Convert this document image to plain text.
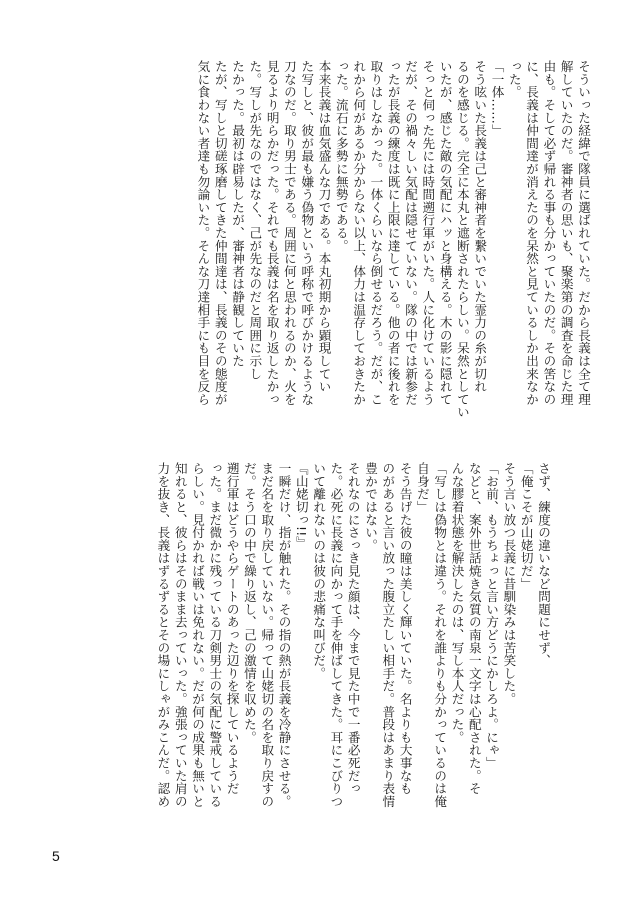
そういった経緯で隊員に選ばれていた。だから長義は全て理

解していたのだ。審神者の思いも、聚楽第の調査を命じた理

由も。そして必ず帰れる事も分かっていたのだ。その筈なの

に、長義は仲間達が消えたのを呆然と見ているしか出来なか

った。

「一体……」

そう呟いた長義は己と審神者を繋いでいた霊力の糸が切れ

るのを感じる。完全に本丸と遮断されたらしい。呆然としてい

いたが、感じた敵の気配にハッと身構える。木の影に隠れて

そっと伺った先には時間遡行軍がいた。人に化けているよう

だが、その禍々しい気配は隠せていない。隊の中では新参だ

ったが長義の練度は既に上限に達している。他の者に後れを

取りはしなかった。一体くらいなら倒せるだろう。だが、こ

れから何があるか分からない以上、体力は温存しておきたか

った。流石に多勢に無勢である。

本来長義は血気盛んな刀である。本丸初期から顕現してい

た写しと、彼が最も嫌う偽物という呼称で呼びかけるような

刀なのだ。取り男士である。周囲に何と思われるのか、火を

見るより明らかだった。それでも長義は名を取り返したかっ

た。写しが先なのではなく、己が先なのだと周囲に示し

たかった。最初は辟易したが、審神者は静観していた

たが、写しと切磋琢磨してきた仲間達は、長義のその態度が

気に食わない者達も勿論いた。そんな刀達相手にも目を反ら

さず、練度の違いなど問題にせず、

「俺こそが山姥切だ」

そう言い放つ長義に昔馴染みは苦笑した。

「お前、もうちょっと言い方どうにかしろよ。にゃ」

などと、案外世話焼き気質の南泉一文字は心配された。そ

んな膠着状態を解決したのは、写し本人だった。

「写しは偽物とは違う。それを誰よりも分かっているのは俺

自身だ」

そう告げた彼の瞳は美しく輝いていた。名よりも大事なも

のがあると言い放った腹立たしい相手だ。普段はあまり表情

豊かではない。

それなのにさっき見た顔は、今まで見た中で一番必死だっ

た。必死に長義に向かって手を伸ばしてきた。耳にこびりつ

いて離れないのは彼の悲痛な叫びだ。

『山姥切っ!!』

一瞬だけ、指が触れた。その指の熱が長義を冷静にさせる。

まだ名を取り戻していない。帰って山姥切の名を取り戻すの

だ。そう口の中で繰り返し、己の激情を収めた。

遡行軍はどうやらゲートのあった辺りを探しているようだ

った。まだ微かに残っている刀剣男士の気配に警戒している

らしい。見付かれば戦いは免れない。だが何の成果も無いと

知れると、彼らはそのまま去っていった。強張っていた肩の

力を抜き、長義はずるずるとその場にしゃがみこんだ。認め

5
